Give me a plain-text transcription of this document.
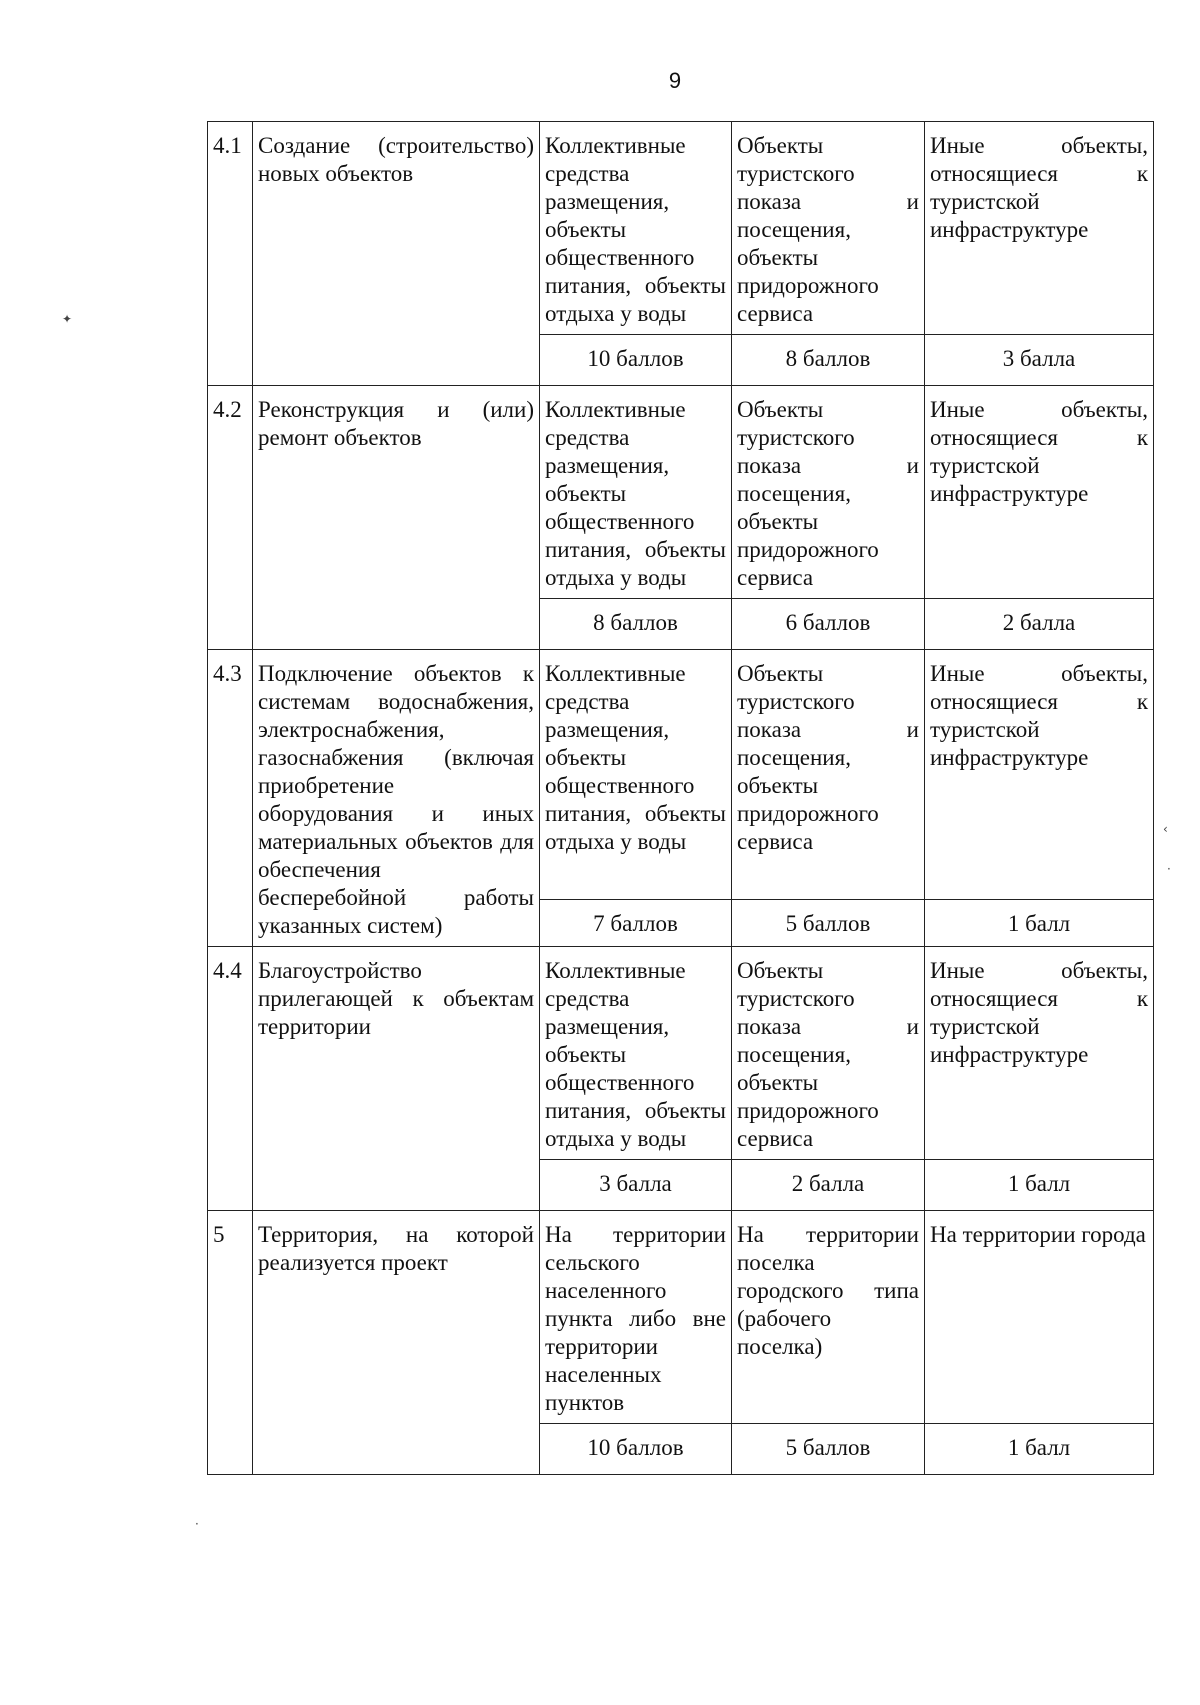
9
4.1	Создание (строительство) новых объектов	Коллективные средства размещения, объекты общественного питания, объекты отдыха у воды	Объекты туристского показа и посещения, объекты придорожного сервиса	Иные объекты, относящиеся к туристской инфраструктуре
		10 баллов	8 баллов	3 балла
4.2	Реконструкция и (или) ремонт объектов	Коллективные средства размещения, объекты общественного питания, объекты отдыха у воды	Объекты туристского показа и посещения, объекты придорожного сервиса	Иные объекты, относящиеся к туристской инфраструктуре
		8 баллов	6 баллов	2 балла
4.3	Подключение объектов к системам водоснабжения, электроснабжения, газоснабжения (включая приобретение оборудования и иных материальных объектов для обеспечения бесперебойной работы указанных систем)	Коллективные средства размещения, объекты общественного питания, объекты отдыха у воды	Объекты туристского показа и посещения, объекты придорожного сервиса	Иные объекты, относящиеся к туристской инфраструктуре
		7 баллов	5 баллов	1 балл
4.4	Благоустройство прилегающей к объектам территории	Коллективные средства размещения, объекты общественного питания, объекты отдыха у воды	Объекты туристского показа и посещения, объекты придорожного сервиса	Иные объекты, относящиеся к туристской инфраструктуре
		3 балла	2 балла	1 балл
5	Территория, на которой реализуется проект	На территории сельского населенного пункта либо вне территории населенных пунктов	На территории поселка городского типа (рабочего поселка)	На территории города
		10 баллов	5 баллов	1 балл
✦
‹
·
·
